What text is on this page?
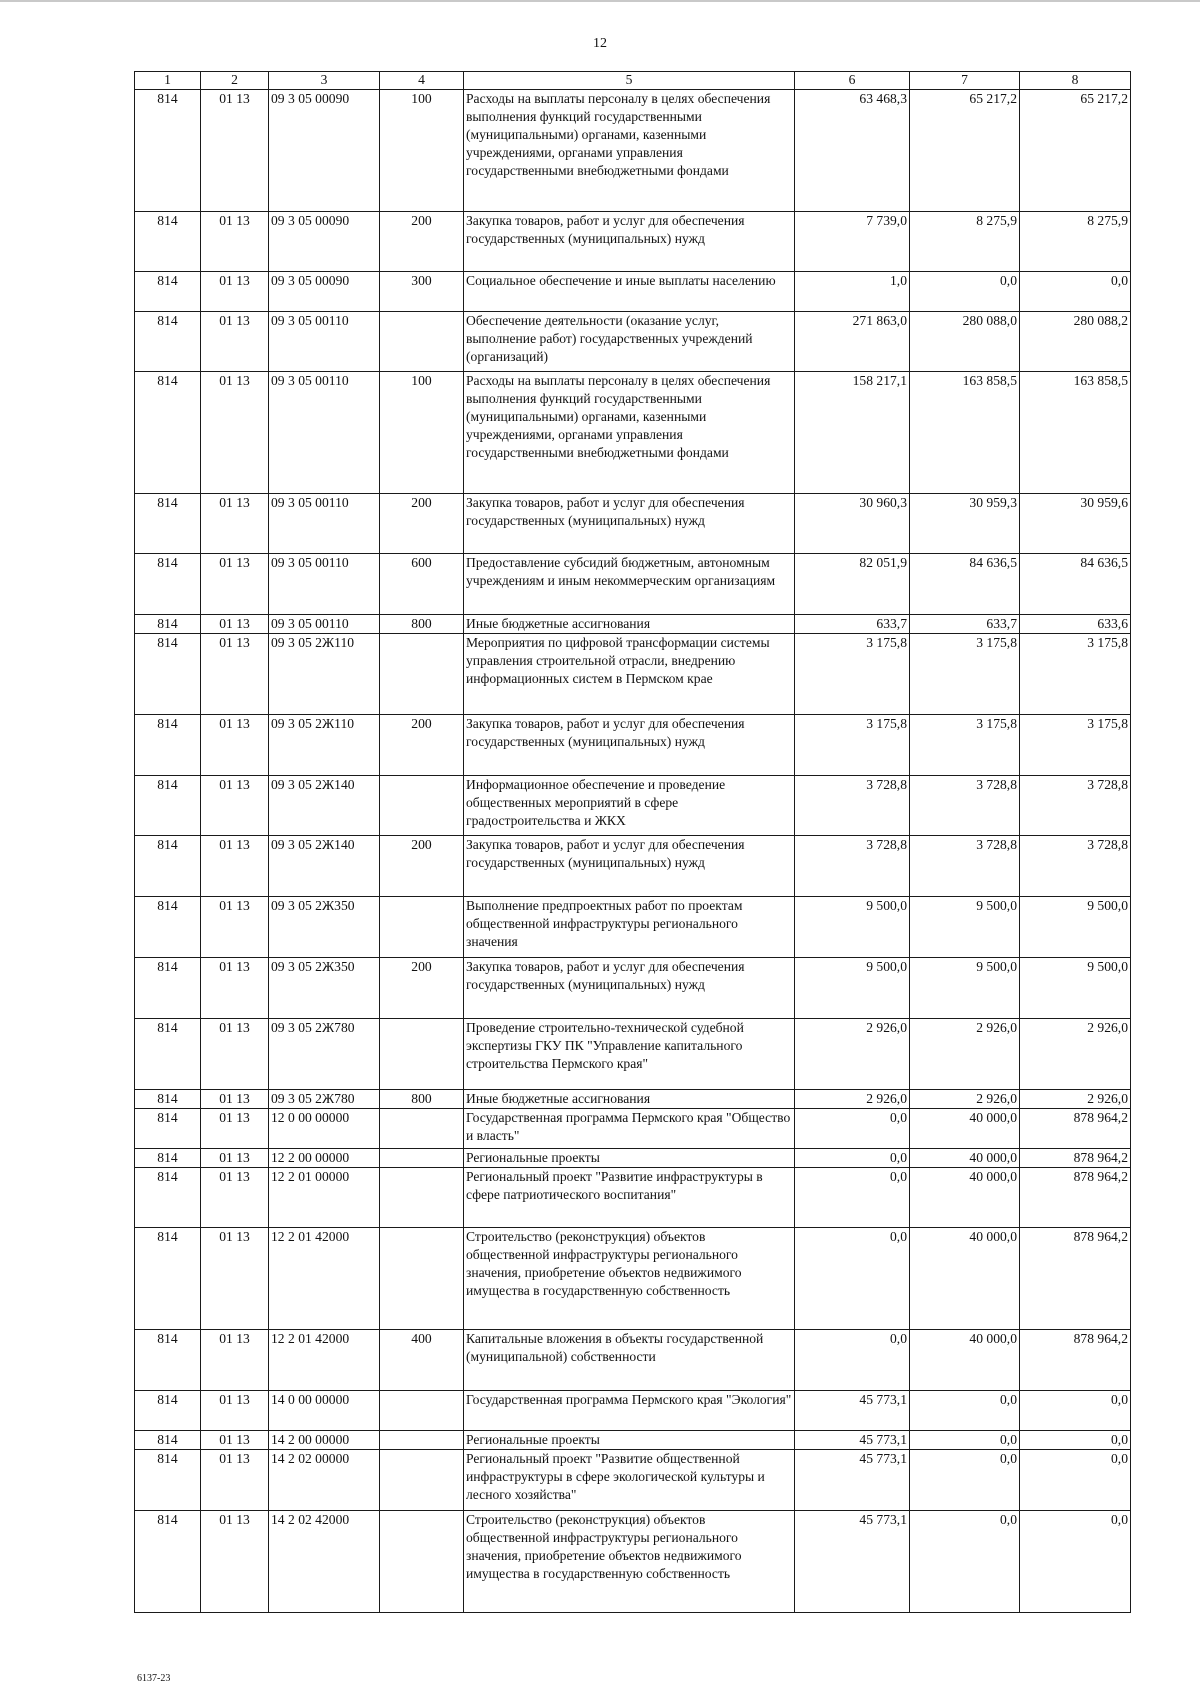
12
1	2	3	4	5	6	7	8
814	01 13	09 3 05 00090	100	Расходы на выплаты персоналу в целях обеспечения выполнения функций государственными (муниципальными) органами, казенными учреждениями, органами управления государственными внебюджетными фондами	63 468,3	65 217,2	65 217,2
814	01 13	09 3 05 00090	200	Закупка товаров, работ и услуг для обеспечения государственных (муниципальных) нужд	7 739,0	8 275,9	8 275,9
814	01 13	09 3 05 00090	300	Социальное обеспечение и иные выплаты населению	1,0	0,0	0,0
814	01 13	09 3 05 00110		Обеспечение деятельности (оказание услуг, выполнение работ) государственных учреждений (организаций)	271 863,0	280 088,0	280 088,2
814	01 13	09 3 05 00110	100	Расходы на выплаты персоналу в целях обеспечения выполнения функций государственными (муниципальными) органами, казенными учреждениями, органами управления государственными внебюджетными фондами	158 217,1	163 858,5	163 858,5
814	01 13	09 3 05 00110	200	Закупка товаров, работ и услуг для обеспечения государственных (муниципальных) нужд	30 960,3	30 959,3	30 959,6
814	01 13	09 3 05 00110	600	Предоставление субсидий бюджетным, автономным учреждениям и иным некоммерческим организациям	82 051,9	84 636,5	84 636,5
814	01 13	09 3 05 00110	800	Иные бюджетные ассигнования	633,7	633,7	633,6
814	01 13	09 3 05 2Ж110		Мероприятия по цифровой трансформации системы управления строительной отрасли, внедрению информационных систем в Пермском крае	3 175,8	3 175,8	3 175,8
814	01 13	09 3 05 2Ж110	200	Закупка товаров, работ и услуг для обеспечения государственных (муниципальных) нужд	3 175,8	3 175,8	3 175,8
814	01 13	09 3 05 2Ж140		Информационное обеспечение и проведение общественных мероприятий в сфере градостроительства и ЖКХ	3 728,8	3 728,8	3 728,8
814	01 13	09 3 05 2Ж140	200	Закупка товаров, работ и услуг для обеспечения государственных (муниципальных) нужд	3 728,8	3 728,8	3 728,8
814	01 13	09 3 05 2Ж350		Выполнение предпроектных работ по проектам общественной инфраструктуры регионального значения	9 500,0	9 500,0	9 500,0
814	01 13	09 3 05 2Ж350	200	Закупка товаров, работ и услуг для обеспечения государственных (муниципальных) нужд	9 500,0	9 500,0	9 500,0
814	01 13	09 3 05 2Ж780		Проведение строительно-технической судебной экспертизы ГКУ ПК "Управление капитального строительства Пермского края"	2 926,0	2 926,0	2 926,0
814	01 13	09 3 05 2Ж780	800	Иные бюджетные ассигнования	2 926,0	2 926,0	2 926,0
814	01 13	12 0 00 00000		Государственная программа Пермского края "Общество и власть"	0,0	40 000,0	878 964,2
814	01 13	12 2 00 00000		Региональные проекты	0,0	40 000,0	878 964,2
814	01 13	12 2 01 00000		Региональный проект "Развитие инфраструктуры в сфере патриотического воспитания"	0,0	40 000,0	878 964,2
814	01 13	12 2 01 42000		Строительство (реконструкция) объектов общественной инфраструктуры регионального значения, приобретение объектов недвижимого имущества в государственную собственность	0,0	40 000,0	878 964,2
814	01 13	12 2 01 42000	400	Капитальные вложения в объекты государственной (муниципальной) собственности	0,0	40 000,0	878 964,2
814	01 13	14 0 00 00000		Государственная программа Пермского края "Экология"	45 773,1	0,0	0,0
814	01 13	14 2 00 00000		Региональные проекты	45 773,1	0,0	0,0
814	01 13	14 2 02 00000		Региональный проект "Развитие общественной инфраструктуры в сфере экологической культуры и лесного хозяйства"	45 773,1	0,0	0,0
814	01 13	14 2 02 42000		Строительство (реконструкция) объектов общественной инфраструктуры регионального значения, приобретение объектов недвижимого имущества в государственную собственность	45 773,1	0,0	0,0
6137-23
